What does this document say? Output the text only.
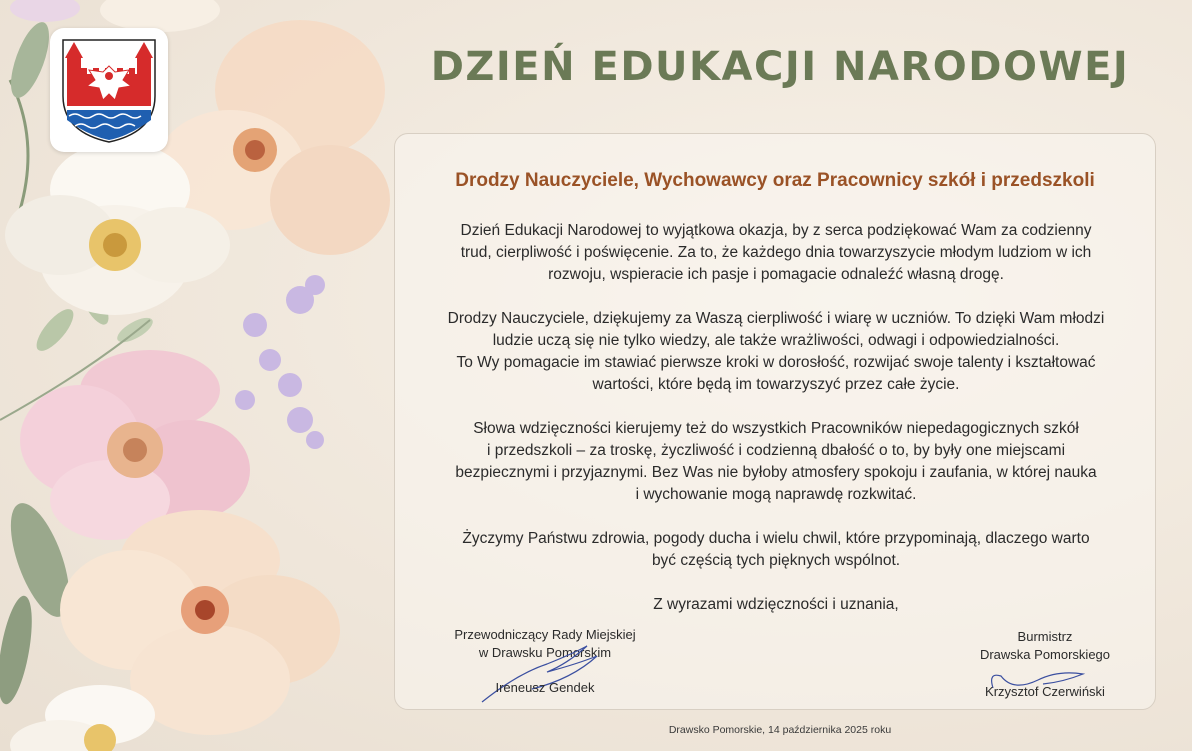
DZIEŃ EDUKACJI NARODOWEJ
Drodzy Nauczyciele, Wychowawcy oraz Pracownicy szkół i przedszkoli

Dzień Edukacji Narodowej to wyjątkowa okazja, by z serca podziękować Wam za codzienny
trud, cierpliwość i poświęcenie. Za to, że każdego dnia towarzyszycie młodym ludziom w ich
rozwoju, wspieracie ich pasje i pomagacie odnaleźć własną drogę.

Drodzy Nauczyciele, dziękujemy za Waszą cierpliwość i wiarę w uczniów. To dzięki Wam młodzi
ludzie uczą się nie tylko wiedzy, ale także wrażliwości, odwagi i odpowiedzialności.
To Wy pomagacie im stawiać pierwsze kroki w dorosłość, rozwijać swoje talenty i kształtować
wartości, które będą im towarzyszyć przez całe życie.

Słowa wdzięczności kierujemy też do wszystkich Pracowników niepedagogicznych szkół
i przedszkoli – za troskę, życzliwość i codzienną dbałość o to, by były one miejscami
bezpiecznymi i przyjaznymi. Bez Was nie byłoby atmosfery spokoju i zaufania, w której nauka
i wychowanie mogą naprawdę rozkwitać.

Życzymy Państwu zdrowia, pogody ducha i wielu chwil, które przypominają, dlaczego warto
być częścią tych pięknych wspólnot.

Z wyrazami wdzięczności i uznania,

Przewodniczący Rady Miejskiej
w Drawsku Pomorskim
Ireneusz Gendek
Burmistrz
Drawska Pomorskiego
Krzysztof Czerwiński
Drawsko Pomorskie, 14 października 2025 roku
